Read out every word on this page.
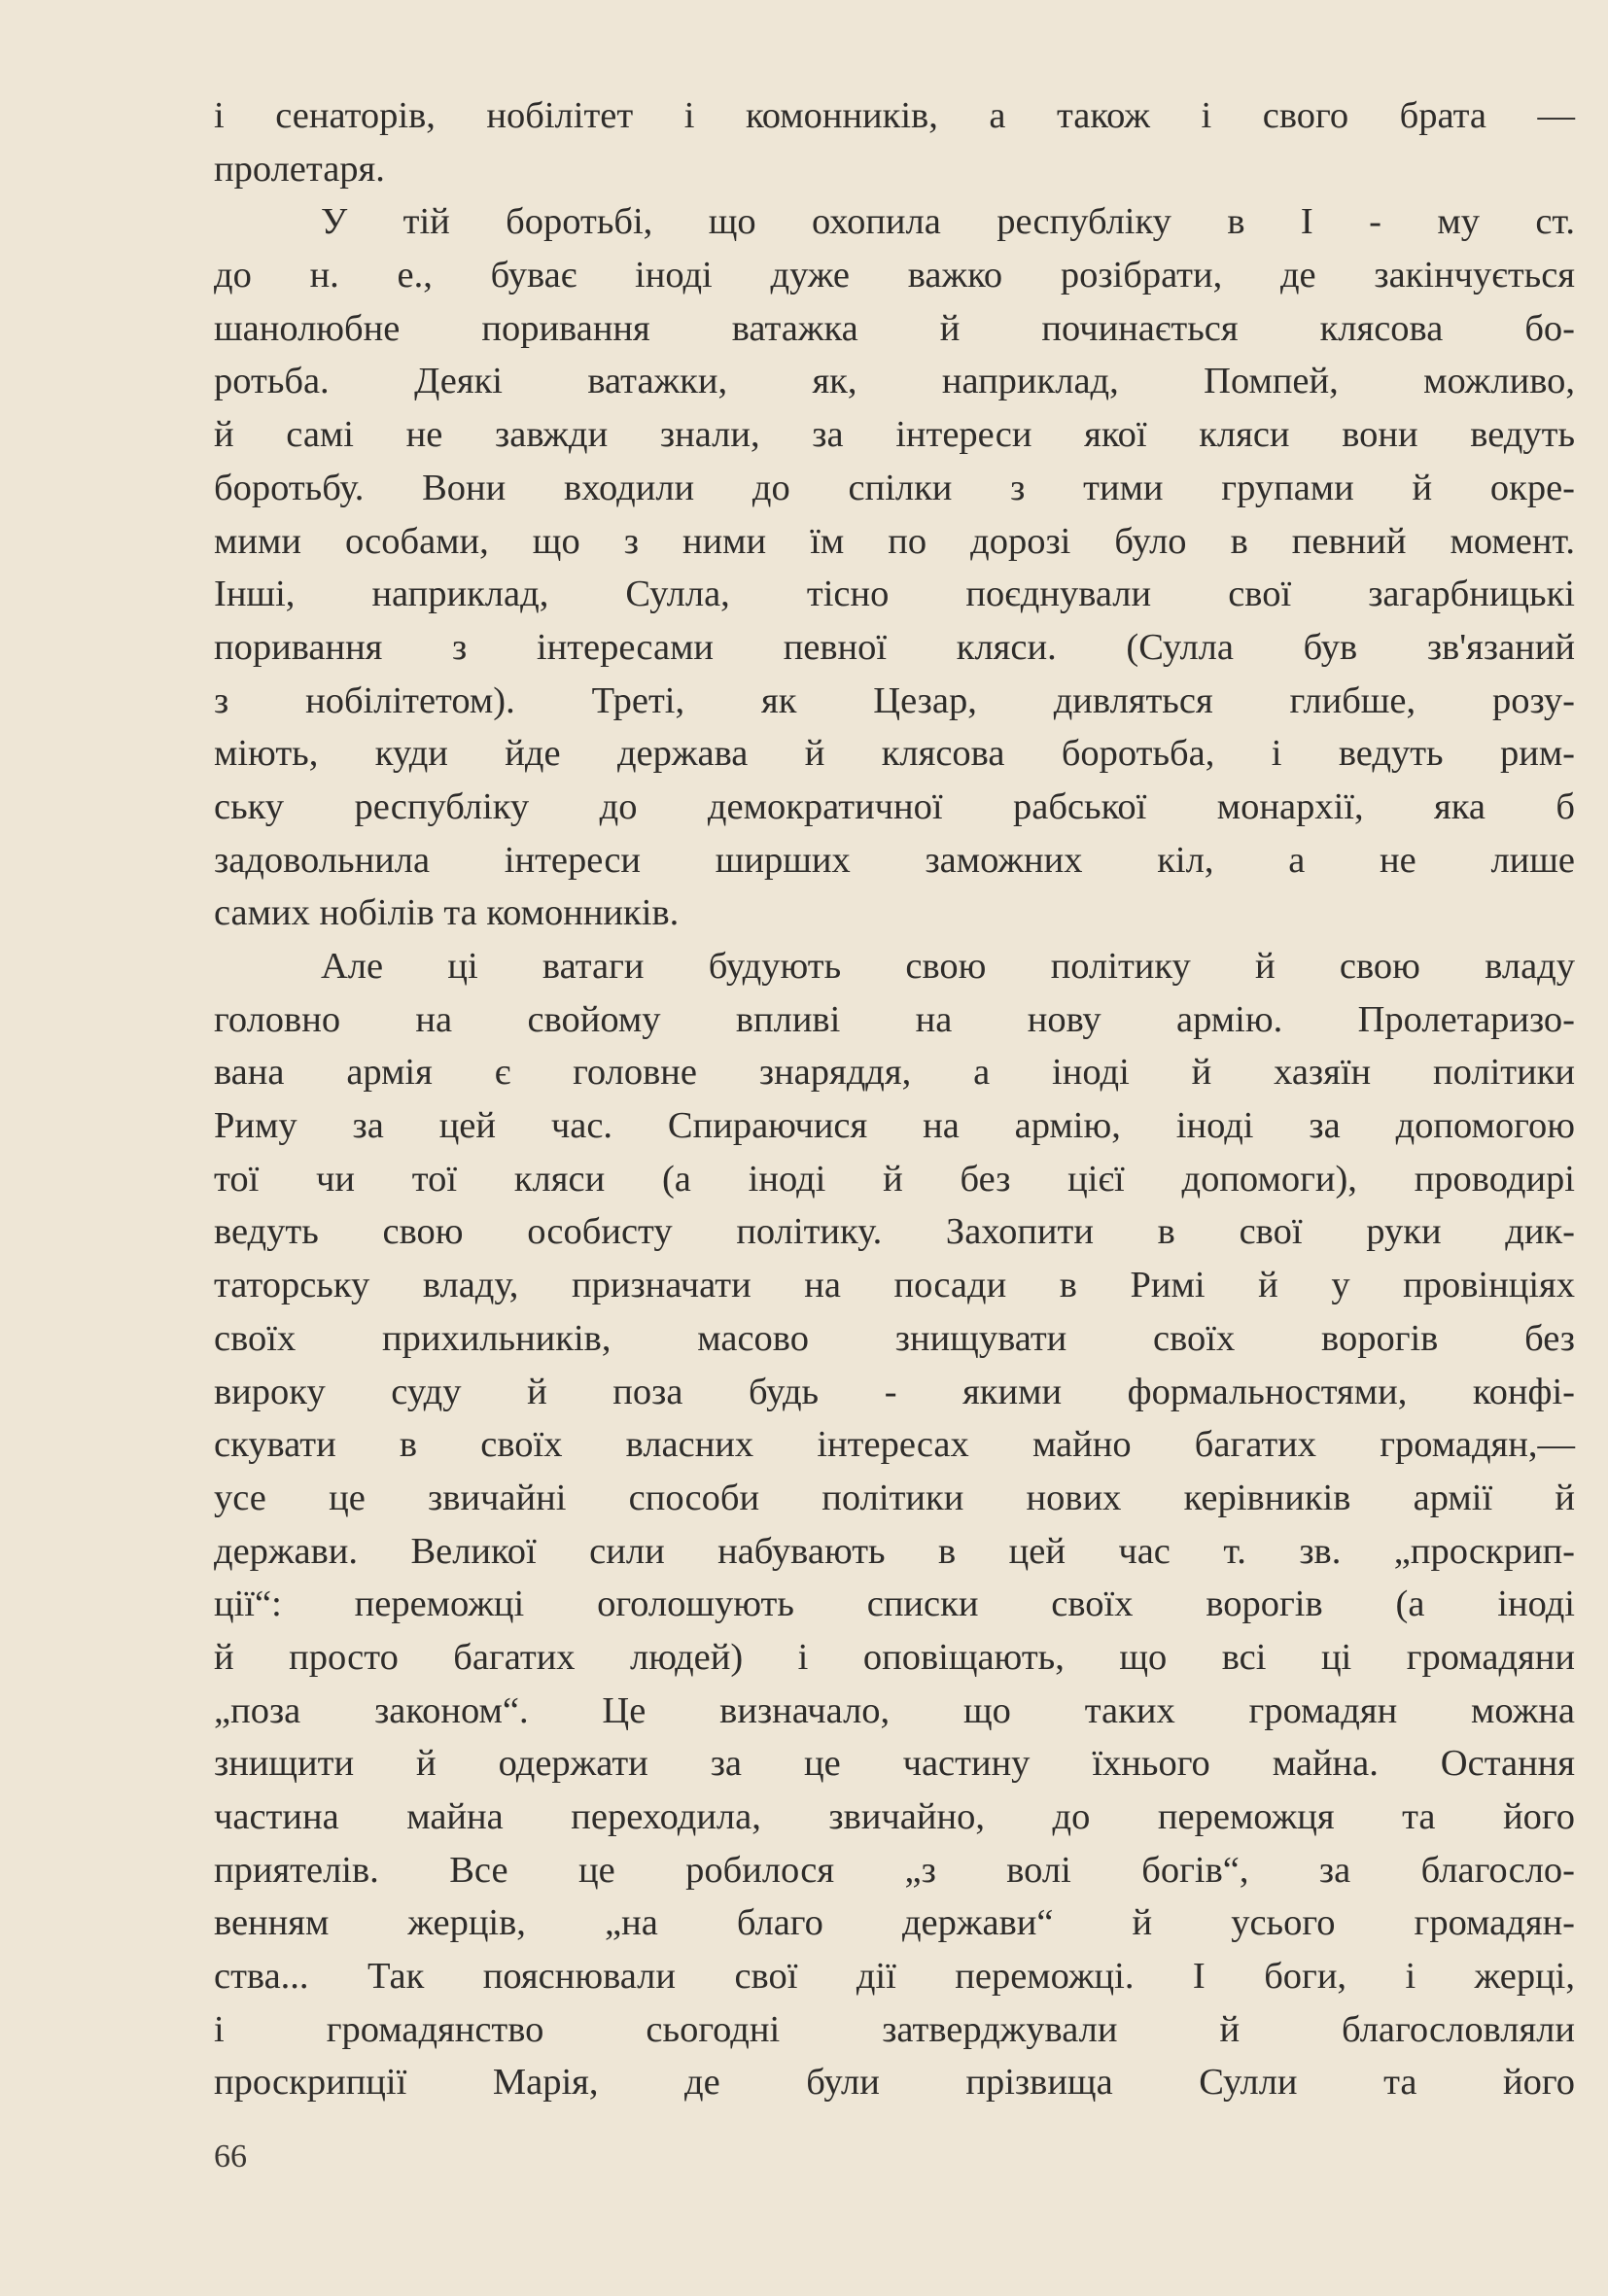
і сенаторів, нобілітет і комонників, а також і свого брата —
пролетаря.
У тій боротьбі, що охопила республіку в І - му ст.
до н. е., буває іноді дуже важко розібрати, де закінчується
шанолюбне поривання ватажка й починається клясова бо-
ротьба. Деякі ватажки, як, наприклад, Помпей, можливо,
й самі не завжди знали, за інтереси якої кляси вони ведуть
боротьбу. Вони входили до спілки з тими групами й окре-
мими особами, що з ними їм по дорозі було в певний момент.
Інші, наприклад, Сулла, тісно поєднували свої загарбницькі
поривання з інтересами певної кляси. (Сулла був зв'язаний
з нобілітетом). Треті, як Цезар, дивляться глибше, розу-
міють, куди йде держава й клясова боротьба, і ведуть рим-
ську республіку до демократичної рабської монархії, яка б
задовольнила інтереси ширших заможних кіл, а не лише
самих нобілів та комонників.
Але ці ватаги будують свою політику й свою владу
головно на свойому впливі на нову армію. Пролетаризо-
вана армія є головне знаряддя, а іноді й хазяїн політики
Риму за цей час. Спираючися на армію, іноді за допомогою
тої чи тої кляси (а іноді й без цієї допомоги), проводирі
ведуть свою особисту політику. Захопити в свої руки дик-
таторську владу, призначати на посади в Римі й у провінціях
своїх прихильників, масово знищувати своїх ворогів без
вироку суду й поза будь - якими формальностями, конфі-
скувати в своїх власних інтересах майно багатих громадян,—
усе це звичайні способи політики нових керівників армії й
держави. Великої сили набувають в цей час т. зв. „проскрип-
ції“: переможці оголошують списки своїх ворогів (а іноді
й просто багатих людей) і оповіщають, що всі ці громадяни
„поза законом“. Це визначало, що таких громадян можна
знищити й одержати за це частину їхнього майна. Остання
частина майна переходила, звичайно, до переможця та його
приятелів. Все це робилося „з волі богів“, за благосло-
венням жерців, „на благо держави“ й усього громадян-
ства... Так пояснювали свої дії переможці. І боги, і жерці,
і громадянство сьогодні затверджували й благословляли
проскрипції Марія, де були прізвища Сулли та його
66
